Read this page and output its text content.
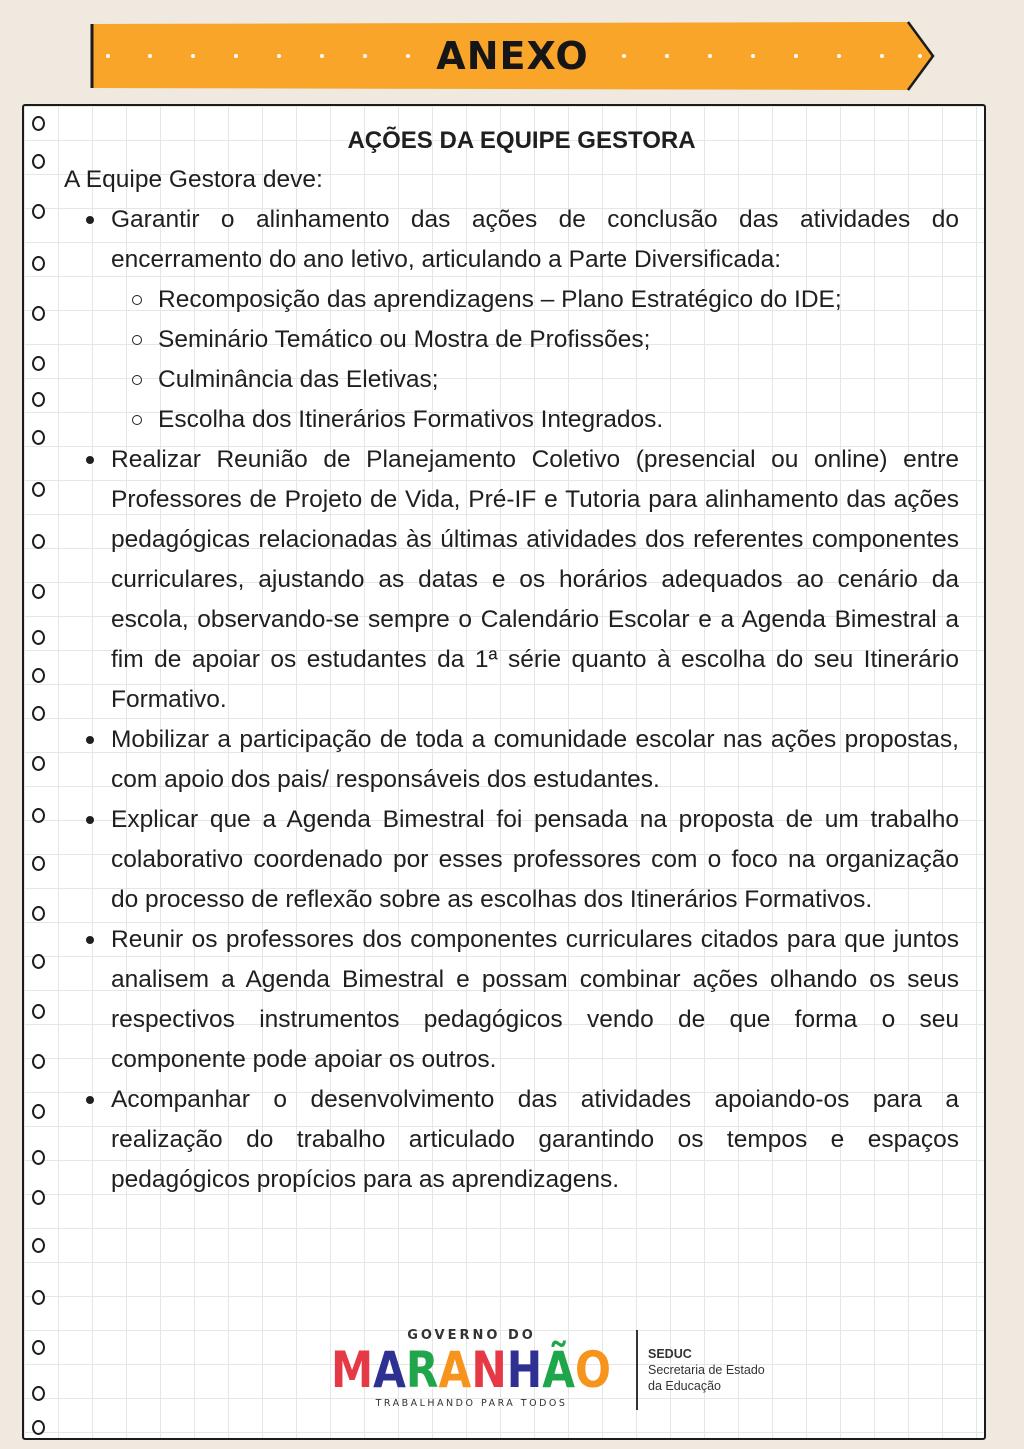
ANEXO
AÇÕES DA EQUIPE GESTORA
A Equipe Gestora deve:
Garantir o alinhamento das ações de conclusão das atividades do encerramento do ano letivo, articulando a Parte Diversificada:
Recomposição das aprendizagens – Plano Estratégico do IDE;
Seminário Temático ou Mostra de Profissões;
Culminância das Eletivas;
Escolha dos Itinerários Formativos Integrados.
Realizar Reunião de Planejamento Coletivo (presencial ou online) entre Professores de Projeto de Vida, Pré-IF e Tutoria para alinhamento das ações pedagógicas relacionadas às últimas atividades dos referentes componentes curriculares, ajustando as datas e os horários adequados ao cenário da escola, observando-se sempre o Calendário Escolar e a Agenda Bimestral a fim de apoiar os estudantes da 1ª série quanto à escolha do seu Itinerário Formativo.
Mobilizar a participação de toda a comunidade escolar nas ações propostas, com apoio dos pais/ responsáveis dos estudantes.
Explicar que a Agenda Bimestral foi pensada na proposta de um trabalho colaborativo coordenado por esses professores com o foco na organização do processo de reflexão sobre as escolhas dos Itinerários Formativos.
Reunir os professores dos componentes curriculares citados para que juntos analisem a Agenda Bimestral e possam combinar ações olhando os seus respectivos instrumentos pedagógicos vendo de que forma o seu componente pode apoiar os outros.
Acompanhar o desenvolvimento das atividades apoiando-os para a realização do trabalho articulado garantindo os tempos e espaços pedagógicos propícios para as aprendizagens.
GOVERNO DO
MARANHÃO
TRABALHANDO PARA TODOS
SEDUC
Secretaria de Estado
da Educação
